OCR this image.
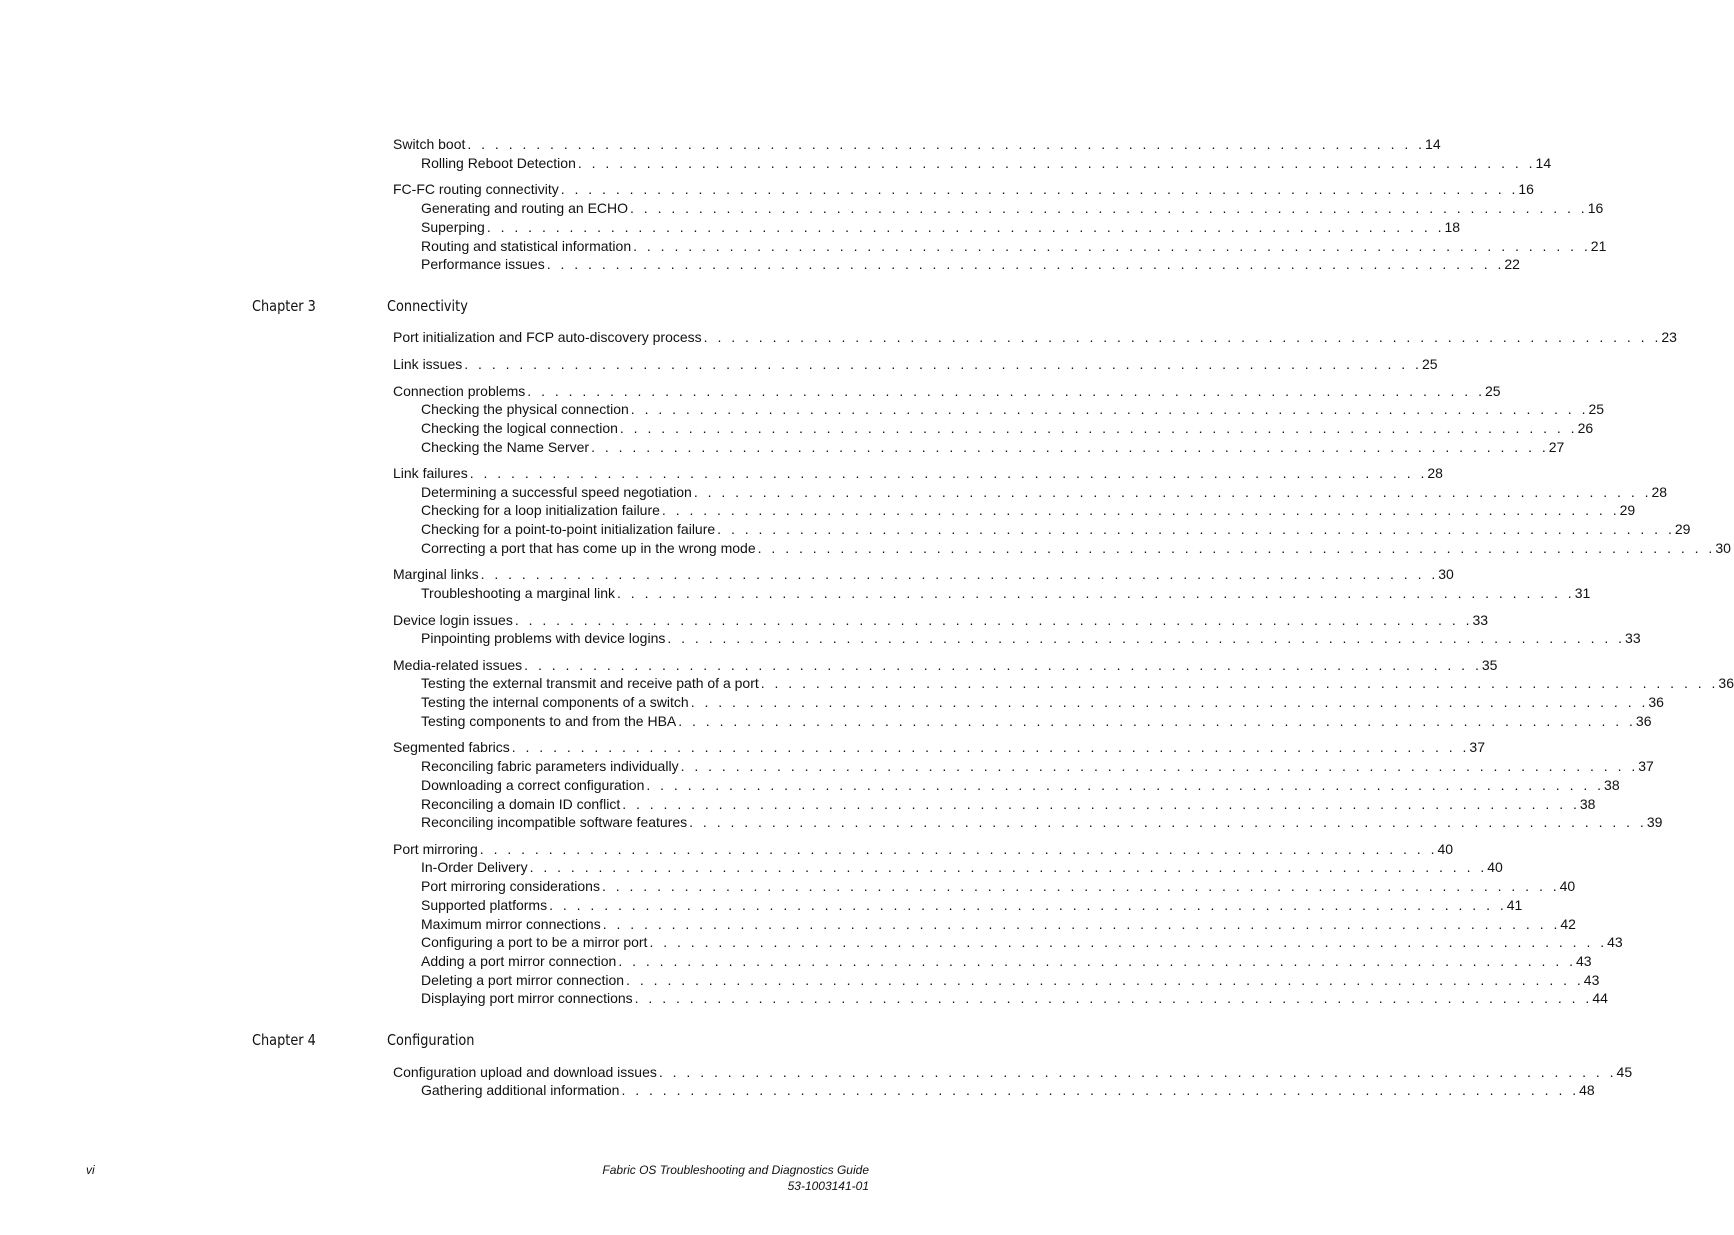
Switch boot . . . . . . . . . . . . . . . . . . . . . . . . . . . . . . . . . . . . . . . . . . . . . . . . . . . . . . . . . . . . . . . . . . . . . . 14
Rolling Reboot Detection . . . . . . . . . . . . . . . . . . . . . . . . . . . . . . . . . . . . . . . . . . . . . . . . . . . . . . . . . . . . . . . . . . . . . . 14
FC-FC routing connectivity . . . . . . . . . . . . . . . . . . . . . . . . . . . . . . . . . . . . . . . . . . . . . . . . . . . . . . . . . . . . . . . . . . . . . . 16
Generating and routing an ECHO . . . . . . . . . . . . . . . . . . . . . . . . . . . . . . . . . . . . . . . . . . . . . . . . . . . . . . . . . . . . . . . . . . . . . . 16
Superping . . . . . . . . . . . . . . . . . . . . . . . . . . . . . . . . . . . . . . . . . . . . . . . . . . . . . . . . . . . . . . . . . . . . . . 18
Routing and statistical information . . . . . . . . . . . . . . . . . . . . . . . . . . . . . . . . . . . . . . . . . . . . . . . . . . . . . . . . . . . . . . . . . . . . . . 21
Performance issues . . . . . . . . . . . . . . . . . . . . . . . . . . . . . . . . . . . . . . . . . . . . . . . . . . . . . . . . . . . . . . . . . . . . . . 22
Chapter 3	Connectivity
Port initialization and FCP auto-discovery process . . . . . . . . . . . . . . . . . . . . . . . . . . . . . . . . . . . . . . . . . . . . . . . . . . . . . . . . . . . . . . . . . . . . . . 23
Link issues . . . . . . . . . . . . . . . . . . . . . . . . . . . . . . . . . . . . . . . . . . . . . . . . . . . . . . . . . . . . . . . . . . . . . . 25
Connection problems . . . . . . . . . . . . . . . . . . . . . . . . . . . . . . . . . . . . . . . . . . . . . . . . . . . . . . . . . . . . . . . . . . . . . . 25
Checking the physical connection . . . . . . . . . . . . . . . . . . . . . . . . . . . . . . . . . . . . . . . . . . . . . . . . . . . . . . . . . . . . . . . . . . . . . . 25
Checking the logical connection . . . . . . . . . . . . . . . . . . . . . . . . . . . . . . . . . . . . . . . . . . . . . . . . . . . . . . . . . . . . . . . . . . . . . . 26
Checking the Name Server . . . . . . . . . . . . . . . . . . . . . . . . . . . . . . . . . . . . . . . . . . . . . . . . . . . . . . . . . . . . . . . . . . . . . . 27
Link failures . . . . . . . . . . . . . . . . . . . . . . . . . . . . . . . . . . . . . . . . . . . . . . . . . . . . . . . . . . . . . . . . . . . . . . 28
Determining a successful speed negotiation . . . . . . . . . . . . . . . . . . . . . . . . . . . . . . . . . . . . . . . . . . . . . . . . . . . . . . . . . . . . . . . . . . . . . . 28
Checking for a loop initialization failure . . . . . . . . . . . . . . . . . . . . . . . . . . . . . . . . . . . . . . . . . . . . . . . . . . . . . . . . . . . . . . . . . . . . . . 29
Checking for a point-to-point initialization failure . . . . . . . . . . . . . . . . . . . . . . . . . . . . . . . . . . . . . . . . . . . . . . . . . . . . . . . . . . . . . . . . . . . . . . 29
Correcting a port that has come up in the wrong mode . . . . . . . . . . . . . . . . . . . . . . . . . . . . . . . . . . . . . . . . . . . . . . . . . . . . . . . . . . . . . . . . . . . . . . 30
Marginal links . . . . . . . . . . . . . . . . . . . . . . . . . . . . . . . . . . . . . . . . . . . . . . . . . . . . . . . . . . . . . . . . . . . . . . 30
Troubleshooting a marginal link . . . . . . . . . . . . . . . . . . . . . . . . . . . . . . . . . . . . . . . . . . . . . . . . . . . . . . . . . . . . . . . . . . . . . . 31
Device login issues . . . . . . . . . . . . . . . . . . . . . . . . . . . . . . . . . . . . . . . . . . . . . . . . . . . . . . . . . . . . . . . . . . . . . . 33
Pinpointing problems with device logins . . . . . . . . . . . . . . . . . . . . . . . . . . . . . . . . . . . . . . . . . . . . . . . . . . . . . . . . . . . . . . . . . . . . . . 33
Media-related issues . . . . . . . . . . . . . . . . . . . . . . . . . . . . . . . . . . . . . . . . . . . . . . . . . . . . . . . . . . . . . . . . . . . . . . 35
Testing the external transmit and receive path of a port . . . . . . . . . . . . . . . . . . . . . . . . . . . . . . . . . . . . . . . . . . . . . . . . . . . . . . . . . . . . . . . . . . . . . . 36
Testing the internal components of a switch . . . . . . . . . . . . . . . . . . . . . . . . . . . . . . . . . . . . . . . . . . . . . . . . . . . . . . . . . . . . . . . . . . . . . . 36
Testing components to and from the HBA . . . . . . . . . . . . . . . . . . . . . . . . . . . . . . . . . . . . . . . . . . . . . . . . . . . . . . . . . . . . . . . . . . . . . . 36
Segmented fabrics . . . . . . . . . . . . . . . . . . . . . . . . . . . . . . . . . . . . . . . . . . . . . . . . . . . . . . . . . . . . . . . . . . . . . . 37
Reconciling fabric parameters individually . . . . . . . . . . . . . . . . . . . . . . . . . . . . . . . . . . . . . . . . . . . . . . . . . . . . . . . . . . . . . . . . . . . . . . 37
Downloading a correct configuration . . . . . . . . . . . . . . . . . . . . . . . . . . . . . . . . . . . . . . . . . . . . . . . . . . . . . . . . . . . . . . . . . . . . . . 38
Reconciling a domain ID conflict . . . . . . . . . . . . . . . . . . . . . . . . . . . . . . . . . . . . . . . . . . . . . . . . . . . . . . . . . . . . . . . . . . . . . . 38
Reconciling incompatible software features . . . . . . . . . . . . . . . . . . . . . . . . . . . . . . . . . . . . . . . . . . . . . . . . . . . . . . . . . . . . . . . . . . . . . . 39
Port mirroring . . . . . . . . . . . . . . . . . . . . . . . . . . . . . . . . . . . . . . . . . . . . . . . . . . . . . . . . . . . . . . . . . . . . . . 40
In-Order Delivery . . . . . . . . . . . . . . . . . . . . . . . . . . . . . . . . . . . . . . . . . . . . . . . . . . . . . . . . . . . . . . . . . . . . . . 40
Port mirroring considerations . . . . . . . . . . . . . . . . . . . . . . . . . . . . . . . . . . . . . . . . . . . . . . . . . . . . . . . . . . . . . . . . . . . . . . 40
Supported platforms . . . . . . . . . . . . . . . . . . . . . . . . . . . . . . . . . . . . . . . . . . . . . . . . . . . . . . . . . . . . . . . . . . . . . . 41
Maximum mirror connections . . . . . . . . . . . . . . . . . . . . . . . . . . . . . . . . . . . . . . . . . . . . . . . . . . . . . . . . . . . . . . . . . . . . . . 42
Configuring a port to be a mirror port . . . . . . . . . . . . . . . . . . . . . . . . . . . . . . . . . . . . . . . . . . . . . . . . . . . . . . . . . . . . . . . . . . . . . . 43
Adding a port mirror connection . . . . . . . . . . . . . . . . . . . . . . . . . . . . . . . . . . . . . . . . . . . . . . . . . . . . . . . . . . . . . . . . . . . . . . 43
Deleting a port mirror connection . . . . . . . . . . . . . . . . . . . . . . . . . . . . . . . . . . . . . . . . . . . . . . . . . . . . . . . . . . . . . . . . . . . . . . 43
Displaying port mirror connections . . . . . . . . . . . . . . . . . . . . . . . . . . . . . . . . . . . . . . . . . . . . . . . . . . . . . . . . . . . . . . . . . . . . . . 44
Chapter 4	Configuration
Configuration upload and download issues . . . . . . . . . . . . . . . . . . . . . . . . . . . . . . . . . . . . . . . . . . . . . . . . . . . . . . . . . . . . . . . . . . . . . . 45
Gathering additional information . . . . . . . . . . . . . . . . . . . . . . . . . . . . . . . . . . . . . . . . . . . . . . . . . . . . . . . . . . . . . . . . . . . . . . 48
vi	Fabric OS Troubleshooting and Diagnostics Guide
53-1003141-01
